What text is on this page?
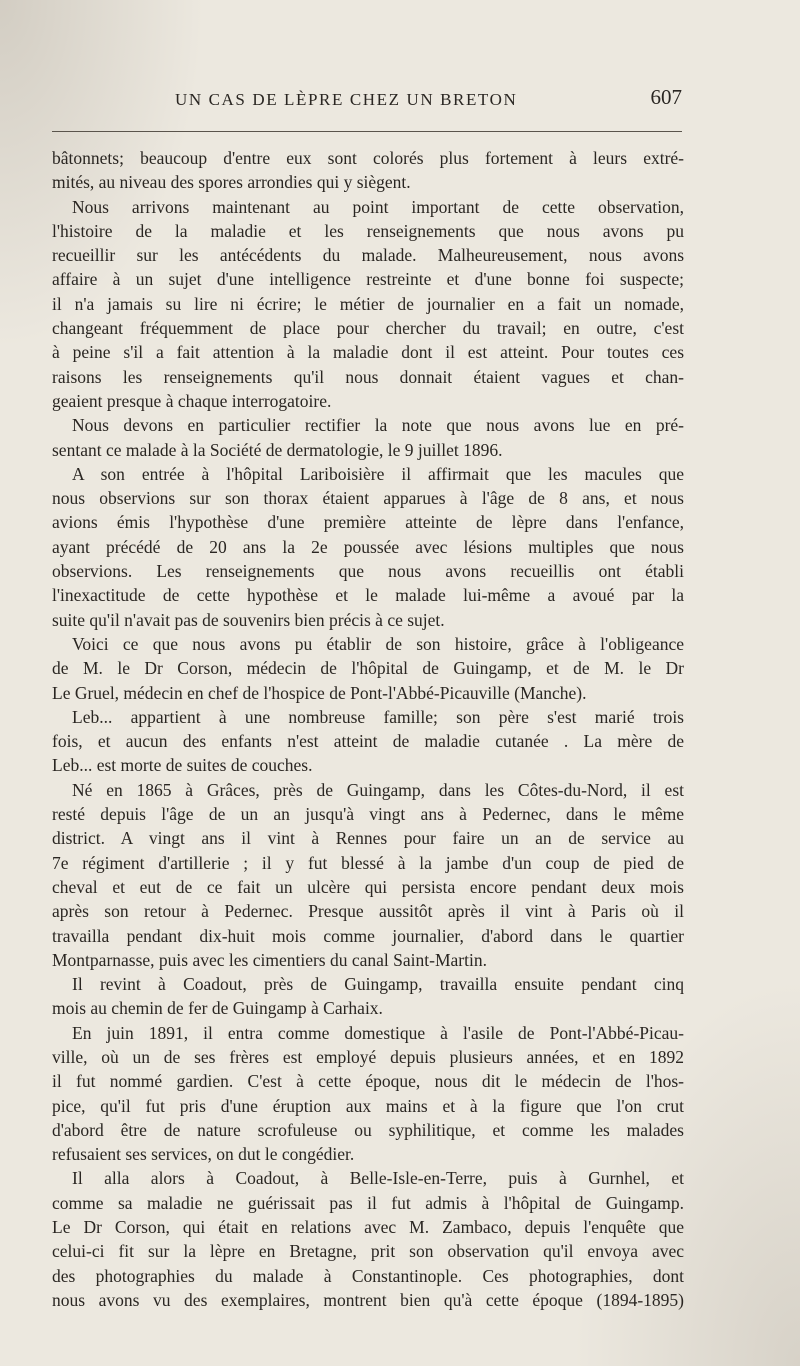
UN CAS DE LÈPRE CHEZ UN BRETON	607
bâtonnets; beaucoup d'entre eux sont colorés plus fortement à leurs extré-
mités, au niveau des spores arrondies qui y siègent.
Nous arrivons maintenant au point important de cette observation,
l'histoire de la maladie et les renseignements que nous avons pu
recueillir sur les antécédents du malade. Malheureusement, nous avons
affaire à un sujet d'une intelligence restreinte et d'une bonne foi suspecte;
il n'a jamais su lire ni écrire; le métier de journalier en a fait un nomade,
changeant fréquemment de place pour chercher du travail; en outre, c'est
à peine s'il a fait attention à la maladie dont il est atteint. Pour toutes ces
raisons les renseignements qu'il nous donnait étaient vagues et chan-
geaient presque à chaque interrogatoire.
Nous devons en particulier rectifier la note que nous avons lue en pré-
sentant ce malade à la Société de dermatologie, le 9 juillet 1896.
A son entrée à l'hôpital Lariboisière il affirmait que les macules que
nous observions sur son thorax étaient apparues à l'âge de 8 ans, et nous
avions émis l'hypothèse d'une première atteinte de lèpre dans l'enfance,
ayant précédé de 20 ans la 2e poussée avec lésions multiples que nous
observions. Les renseignements que nous avons recueillis ont établi
l'inexactitude de cette hypothèse et le malade lui-même a avoué par la
suite qu'il n'avait pas de souvenirs bien précis à ce sujet.
Voici ce que nous avons pu établir de son histoire, grâce à l'obligeance
de M. le Dr Corson, médecin de l'hôpital de Guingamp, et de M. le Dr
Le Gruel, médecin en chef de l'hospice de Pont-l'Abbé-Picauville (Manche).
Leb... appartient à une nombreuse famille; son père s'est marié trois
fois, et aucun des enfants n'est atteint de maladie cutanée . La mère de
Leb... est morte de suites de couches.
Né en 1865 à Grâces, près de Guingamp, dans les Côtes-du-Nord, il est
resté depuis l'âge de un an jusqu'à vingt ans à Pedernec, dans le même
district. A vingt ans il vint à Rennes pour faire un an de service au
7e régiment d'artillerie ; il y fut blessé à la jambe d'un coup de pied de
cheval et eut de ce fait un ulcère qui persista encore pendant deux mois
après son retour à Pedernec. Presque aussitôt après il vint à Paris où il
travailla pendant dix-huit mois comme journalier, d'abord dans le quartier
Montparnasse, puis avec les cimentiers du canal Saint-Martin.
Il revint à Coadout, près de Guingamp, travailla ensuite pendant cinq
mois au chemin de fer de Guingamp à Carhaix.
En juin 1891, il entra comme domestique à l'asile de Pont-l'Abbé-Picau-
ville, où un de ses frères est employé depuis plusieurs années, et en 1892
il fut nommé gardien. C'est à cette époque, nous dit le médecin de l'hos-
pice, qu'il fut pris d'une éruption aux mains et à la figure que l'on crut
d'abord être de nature scrofuleuse ou syphilitique, et comme les malades
refusaient ses services, on dut le congédier.
Il alla alors à Coadout, à Belle-Isle-en-Terre, puis à Gurnhel, et
comme sa maladie ne guérissait pas il fut admis à l'hôpital de Guingamp.
Le Dr Corson, qui était en relations avec M. Zambaco, depuis l'enquête que
celui-ci fit sur la lèpre en Bretagne, prit son observation qu'il envoya avec
des photographies du malade à Constantinople. Ces photographies, dont
nous avons vu des exemplaires, montrent bien qu'à cette époque (1894-1895)
